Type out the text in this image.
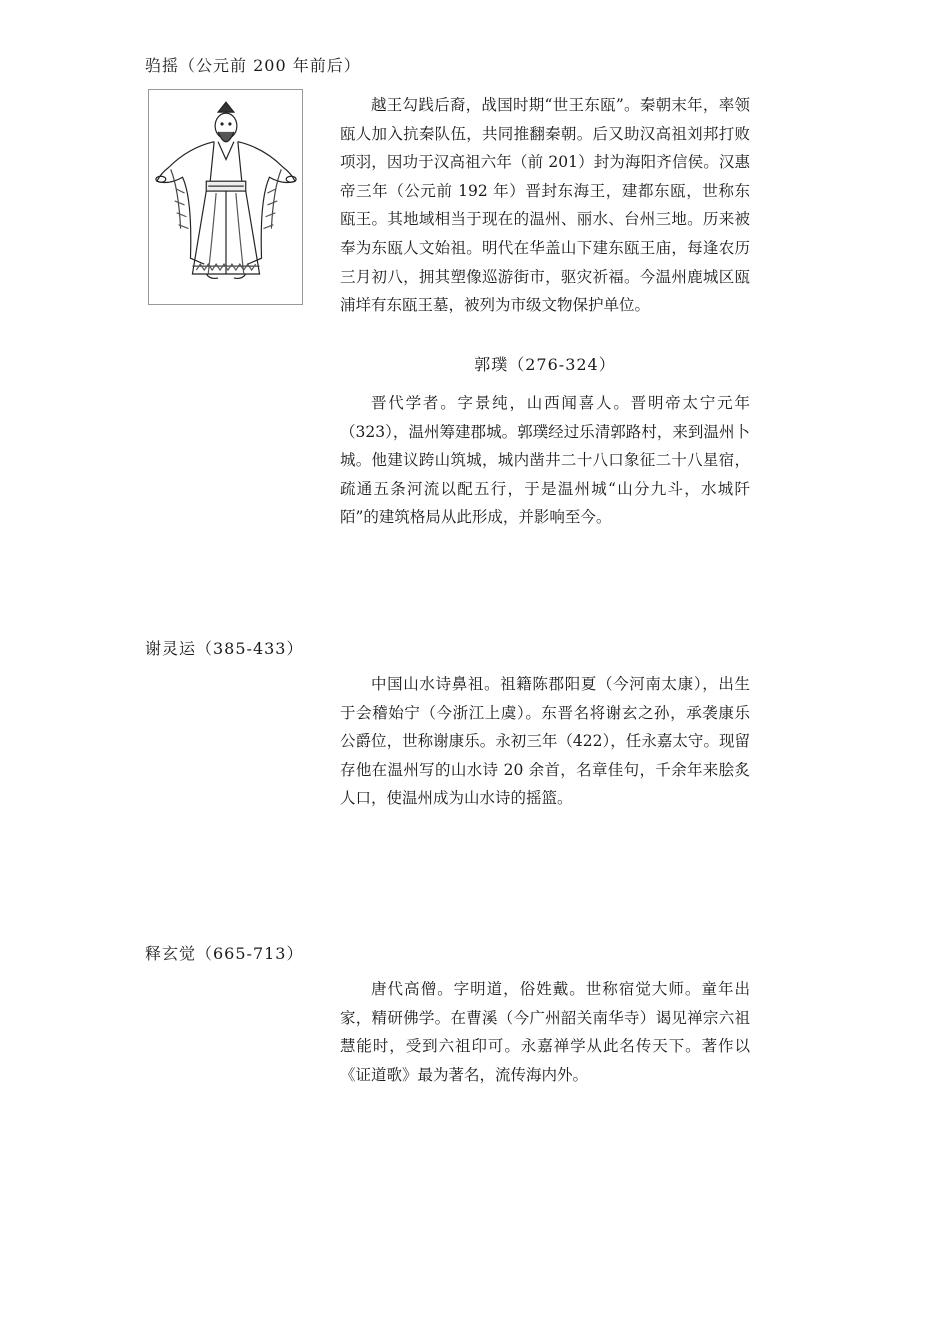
驺摇（公元前 200 年前后）

越王勾践后裔，战国时期“世王东瓯”。秦朝末年，率领瓯人加入抗秦队伍，共同推翻秦朝。后又助汉高祖刘邦打败项羽，因功于汉高祖六年（前 201）封为海阳齐信侯。汉惠帝三年（公元前 192 年）晋封东海王，建都东瓯，世称东瓯王。其地域相当于现在的温州、丽水、台州三地。历来被奉为东瓯人文始祖。明代在华盖山下建东瓯王庙，每逢农历三月初八，拥其塑像巡游街市，驱灾祈福。今温州鹿城区瓯浦垟有东瓯王墓，被列为市级文物保护单位。

郭璞（276-324）

晋代学者。字景纯，山西闻喜人。晋明帝太宁元年（323），温州筹建郡城。郭璞经过乐清郭路村，来到温州卜城。他建议跨山筑城，城内凿井二十八口象征二十八星宿，疏通五条河流以配五行，于是温州城“山分九斗，水城阡陌”的建筑格局从此形成，并影响至今。

谢灵运（385-433）

中国山水诗鼻祖。祖籍陈郡阳夏（今河南太康），出生于会稽始宁（今浙江上虞）。东晋名将谢玄之孙，承袭康乐公爵位，世称谢康乐。永初三年（422），任永嘉太守。现留存他在温州写的山水诗 20 余首，名章佳句，千余年来脍炙人口，使温州成为山水诗的摇篮。

释玄觉（665-713）

唐代高僧。字明道，俗姓戴。世称宿觉大师。童年出家，精研佛学。在曹溪（今广州韶关南华寺）谒见禅宗六祖慧能时，受到六祖印可。永嘉禅学从此名传天下。著作以《证道歌》最为著名，流传海内外。
